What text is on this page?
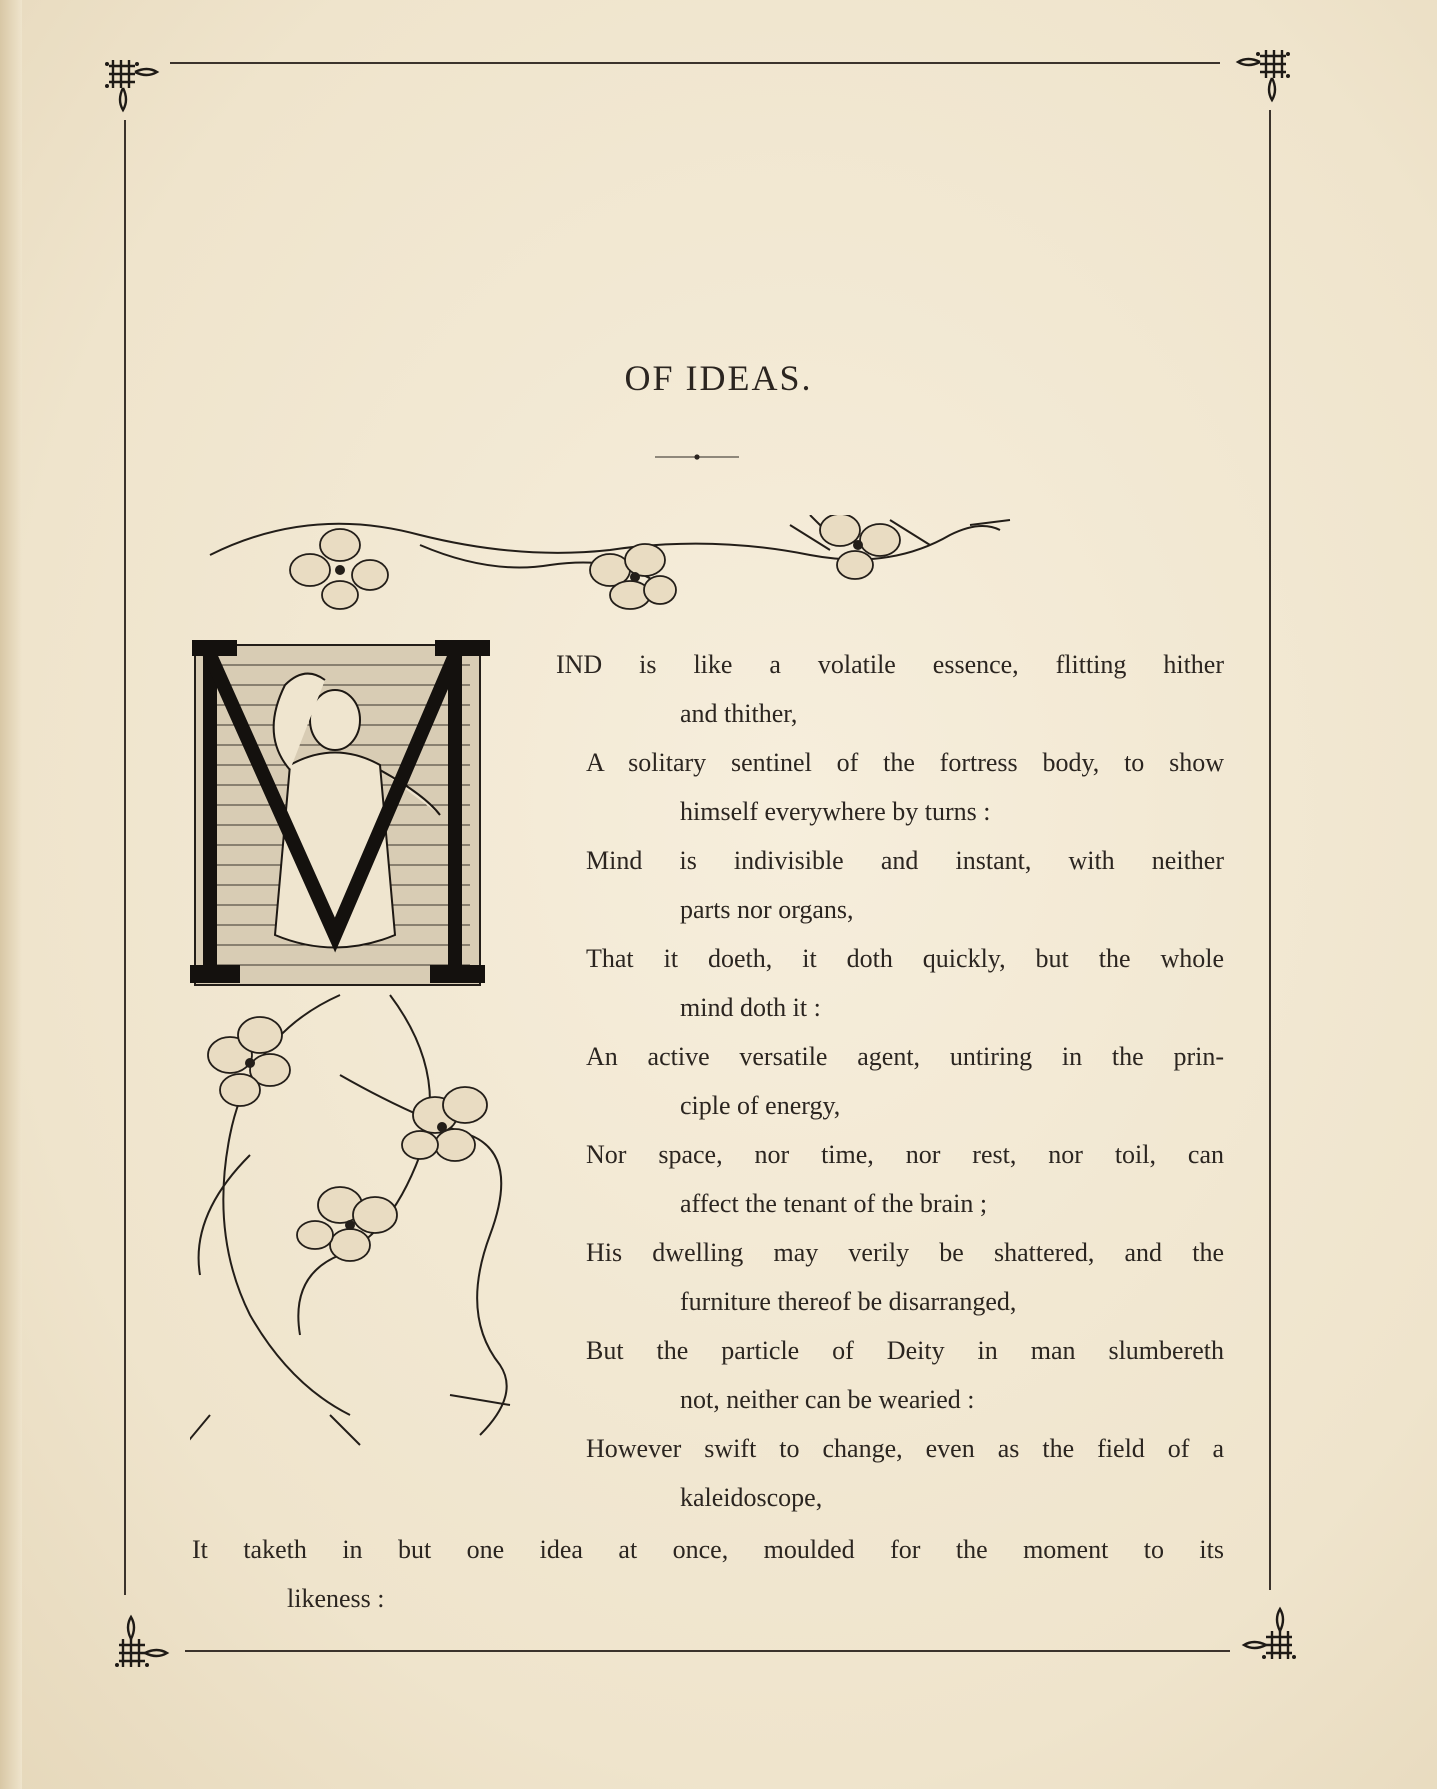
OF IDEAS.
IND is like a volatile essence, flitting hither
and thither,
A solitary sentinel of the fortress body, to show
himself everywhere by turns :
Mind is indivisible and instant, with neither
parts nor organs,
That it doeth, it doth quickly, but the whole
mind doth it :
An active versatile agent, untiring in the prin-
ciple of energy,
Nor space, nor time, nor rest, nor toil, can
affect the tenant of the brain ;
His dwelling may verily be shattered, and the
furniture thereof be disarranged,
But the particle of Deity in man slumbereth
not, neither can be wearied :
However swift to change, even as the field of a
kaleidoscope,
It taketh in but one idea at once, moulded for the moment to its
likeness :
